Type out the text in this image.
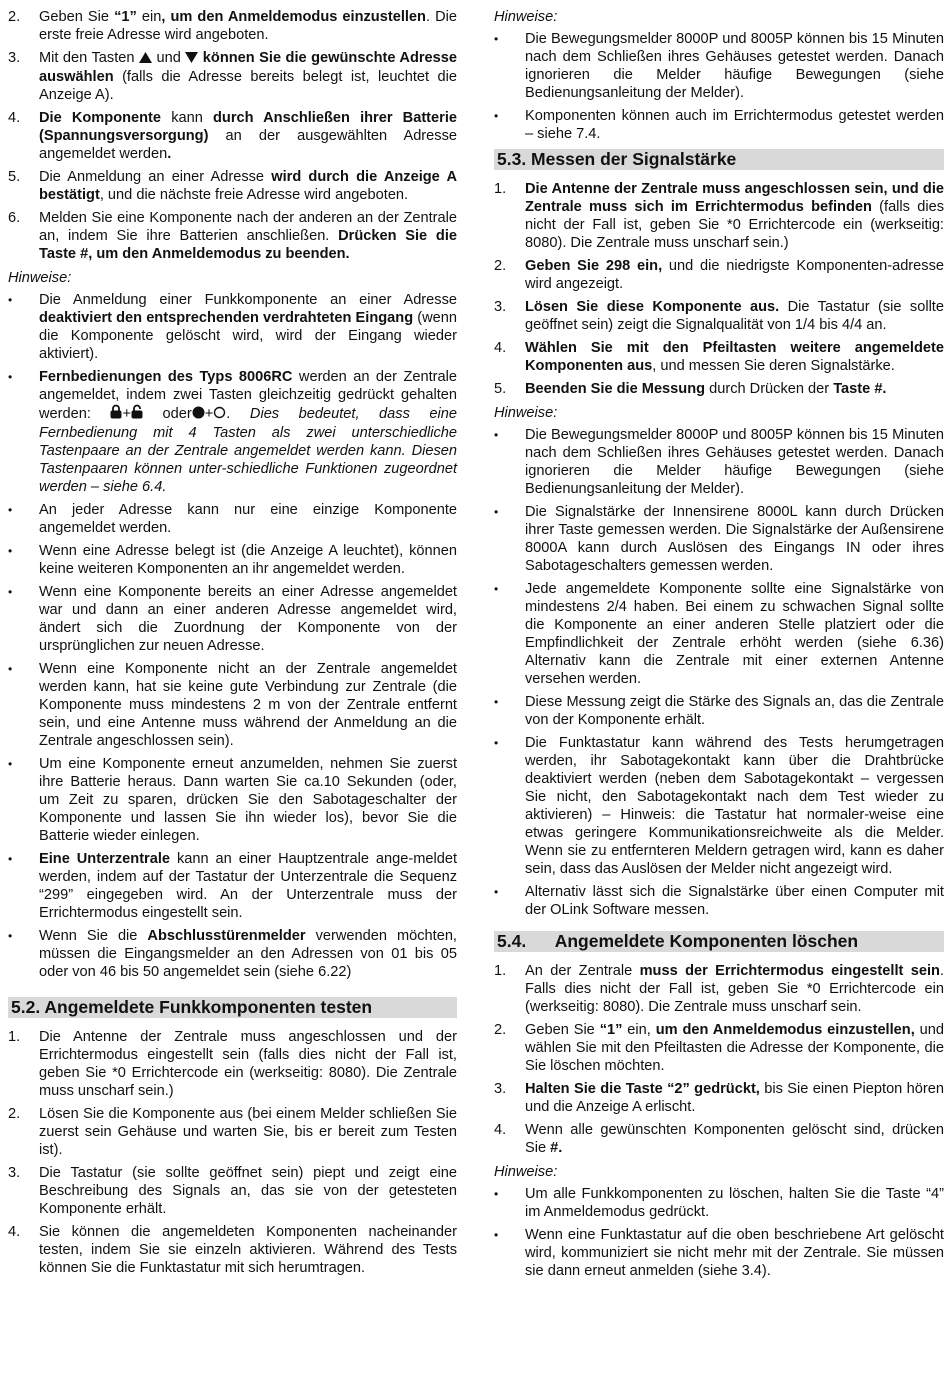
2. Geben Sie “1” ein, um den Anmeldemodus einzustellen. Die erste freie Adresse wird angeboten.
3. Mit den Tasten  und  können Sie die gewünschte Adresse auswählen (falls die Adresse bereits belegt ist, leuchtet die Anzeige A).
4. Die Komponente kann durch Anschließen ihrer Batterie (Spannungsversorgung) an der ausgewählten Adresse angemeldet werden.
5. Die Anmeldung an einer Adresse wird durch die Anzeige A bestätigt, und die nächste freie Adresse wird angeboten.
6. Melden Sie eine Komponente nach der anderen an der Zentrale an, indem Sie ihre Batterien anschließen. Drücken Sie die Taste #, um den Anmeldemodus zu beenden.
Hinweise:
• Die Anmeldung einer Funkkomponente an einer Adresse deaktiviert den entsprechenden verdrahteten Eingang (wenn die Komponente gelöscht wird, wird der Eingang wieder aktiviert).
• Fernbedienungen des Typs 8006RC werden an der Zentrale angemeldet, indem zwei Tasten gleichzeitig gedrückt gehalten werden: + oder + . Dies bedeutet, dass eine Fernbedienung mit 4 Tasten als zwei unterschiedliche Tastenpaare an der Zentrale angemeldet werden kann. Diesen Tastenpaaren können unter-schiedliche Funktionen zugeordnet werden – siehe 6.4.
• An jeder Adresse kann nur eine einzige Komponente angemeldet werden.
• Wenn eine Adresse belegt ist (die Anzeige A leuchtet), können keine weiteren Komponenten an ihr angemeldet werden.
• Wenn eine Komponente bereits an einer Adresse angemeldet war und dann an einer anderen Adresse angemeldet wird, ändert sich die Zuordnung der Komponente von der ursprünglichen zur neuen Adresse.
• Wenn eine Komponente nicht an der Zentrale angemeldet werden kann, hat sie keine gute Verbindung zur Zentrale (die Komponente muss mindestens 2 m von der Zentrale entfernt sein, und eine Antenne muss während der Anmeldung an die Zentrale angeschlossen sein).
• Um eine Komponente erneut anzumelden, nehmen Sie zuerst ihre Batterie heraus. Dann warten Sie ca.10 Sekunden (oder, um Zeit zu sparen, drücken Sie den Sabotageschalter der Komponente und lassen Sie ihn wieder los), bevor Sie die Batterie wieder einlegen.
• Eine Unterzentrale kann an einer Hauptzentrale ange-meldet werden, indem auf der Tastatur der Unterzentrale die Sequenz “299” eingegeben wird. An der Unterzentrale muss der Errichtermodus eingestellt sein.
• Wenn Sie die Abschlusstürenmelder verwenden möchten, müssen die Eingangsmelder an den Adressen von 01 bis 05 oder von 46 bis 50 angemeldet sein (siehe 6.22)
5.2. Angemeldete Funkkomponenten testen
1. Die Antenne der Zentrale muss angeschlossen und der Errichtermodus eingestellt sein (falls dies nicht der Fall ist, geben Sie *0 Errichtercode ein (werkseitig: 8080). Die Zentrale muss unscharf sein.)
2. Lösen Sie die Komponente aus (bei einem Melder schließen Sie zuerst sein Gehäuse und warten Sie, bis er bereit zum Testen ist).
3. Die Tastatur (sie sollte geöffnet sein) piept und zeigt eine Beschreibung des Signals an, das sie von der getesteten Komponente erhält.
4. Sie können die angemeldeten Komponenten nacheinander testen, indem Sie sie einzeln aktivieren. Während des Tests können Sie die Funktastatur mit sich herumtragen.
Hinweise:
• Die Bewegungsmelder 8000P und 8005P können bis 15 Minuten nach dem Schließen ihres Gehäuses getestet werden. Danach ignorieren die Melder häufige Bewegungen (siehe Bedienungsanleitung der Melder).
• Komponenten können auch im Errichtermodus getestet werden – siehe 7.4.
5.3. Messen der Signalstärke
1. Die Antenne der Zentrale muss angeschlossen sein, und die Zentrale muss sich im Errichtermodus befinden (falls dies nicht der Fall ist, geben Sie *0 Errichtercode ein (werkseitig: 8080). Die Zentrale muss unscharf sein.)
2. Geben Sie 298 ein, und die niedrigste Komponenten-adresse wird angezeigt.
3. Lösen Sie diese Komponente aus. Die Tastatur (sie sollte geöffnet sein) zeigt die Signalqualität von 1/4 bis 4/4 an.
4. Wählen Sie mit den Pfeiltasten weitere angemeldete Komponenten aus, und messen Sie deren Signalstärke.
5. Beenden Sie die Messung durch Drücken der Taste #.
Hinweise:
• Die Bewegungsmelder 8000P und 8005P können bis 15 Minuten nach dem Schließen ihres Gehäuses getestet werden. Danach ignorieren die Melder häufige Bewegungen (siehe Bedienungsanleitung der Melder).
• Die Signalstärke der Innensirene 8000L kann durch Drücken ihrer Taste gemessen werden. Die Signalstärke der Außensirene 8000A kann durch Auslösen des Eingangs IN oder ihres Sabotageschalters gemessen werden.
• Jede angemeldete Komponente sollte eine Signalstärke von mindestens 2/4 haben. Bei einem zu schwachen Signal sollte die Komponente an einer anderen Stelle platziert oder die Empfindlichkeit der Zentrale erhöht werden (siehe 6.36) Alternativ kann die Zentrale mit einer externen Antenne versehen werden.
• Diese Messung zeigt die Stärke des Signals an, das die Zentrale von der Komponente erhält.
• Die Funktastatur kann während des Tests herumgetragen werden, ihr Sabotagekontakt kann über die Drahtbrücke deaktiviert werden (neben dem Sabotagekontakt – vergessen Sie nicht, den Sabotagekontakt nach dem Test wieder zu aktivieren) – Hinweis: die Tastatur hat normaler-weise eine etwas geringere Kommunikationsreichweite als die Melder. Wenn sie zu entfernteren Meldern getragen wird, kann es daher sein, dass das Auslösen der Melder nicht angezeigt wird.
• Alternativ lässt sich die Signalstärke über einen Computer mit der OLink Software messen.
5.4.      Angemeldete Komponenten löschen
1. An der Zentrale muss der Errichtermodus eingestellt sein. Falls dies nicht der Fall ist, geben Sie *0 Errichtercode ein (werkseitig: 8080). Die Zentrale muss unscharf sein.
2. Geben Sie “1” ein, um den Anmeldemodus einzustellen, und wählen Sie mit den Pfeiltasten die Adresse der Komponente, die Sie löschen möchten.
3. Halten Sie die Taste “2” gedrückt, bis Sie einen Piepton hören und die Anzeige A erlischt.
4. Wenn alle gewünschten Komponenten gelöscht sind, drücken Sie #.
Hinweise:
• Um alle Funkkomponenten zu löschen, halten Sie die Taste “4” im Anmeldemodus gedrückt.
• Wenn eine Funktastatur auf die oben beschriebene Art gelöscht wird, kommuniziert sie nicht mehr mit der Zentrale. Sie müssen sie dann erneut anmelden (siehe 3.4).
